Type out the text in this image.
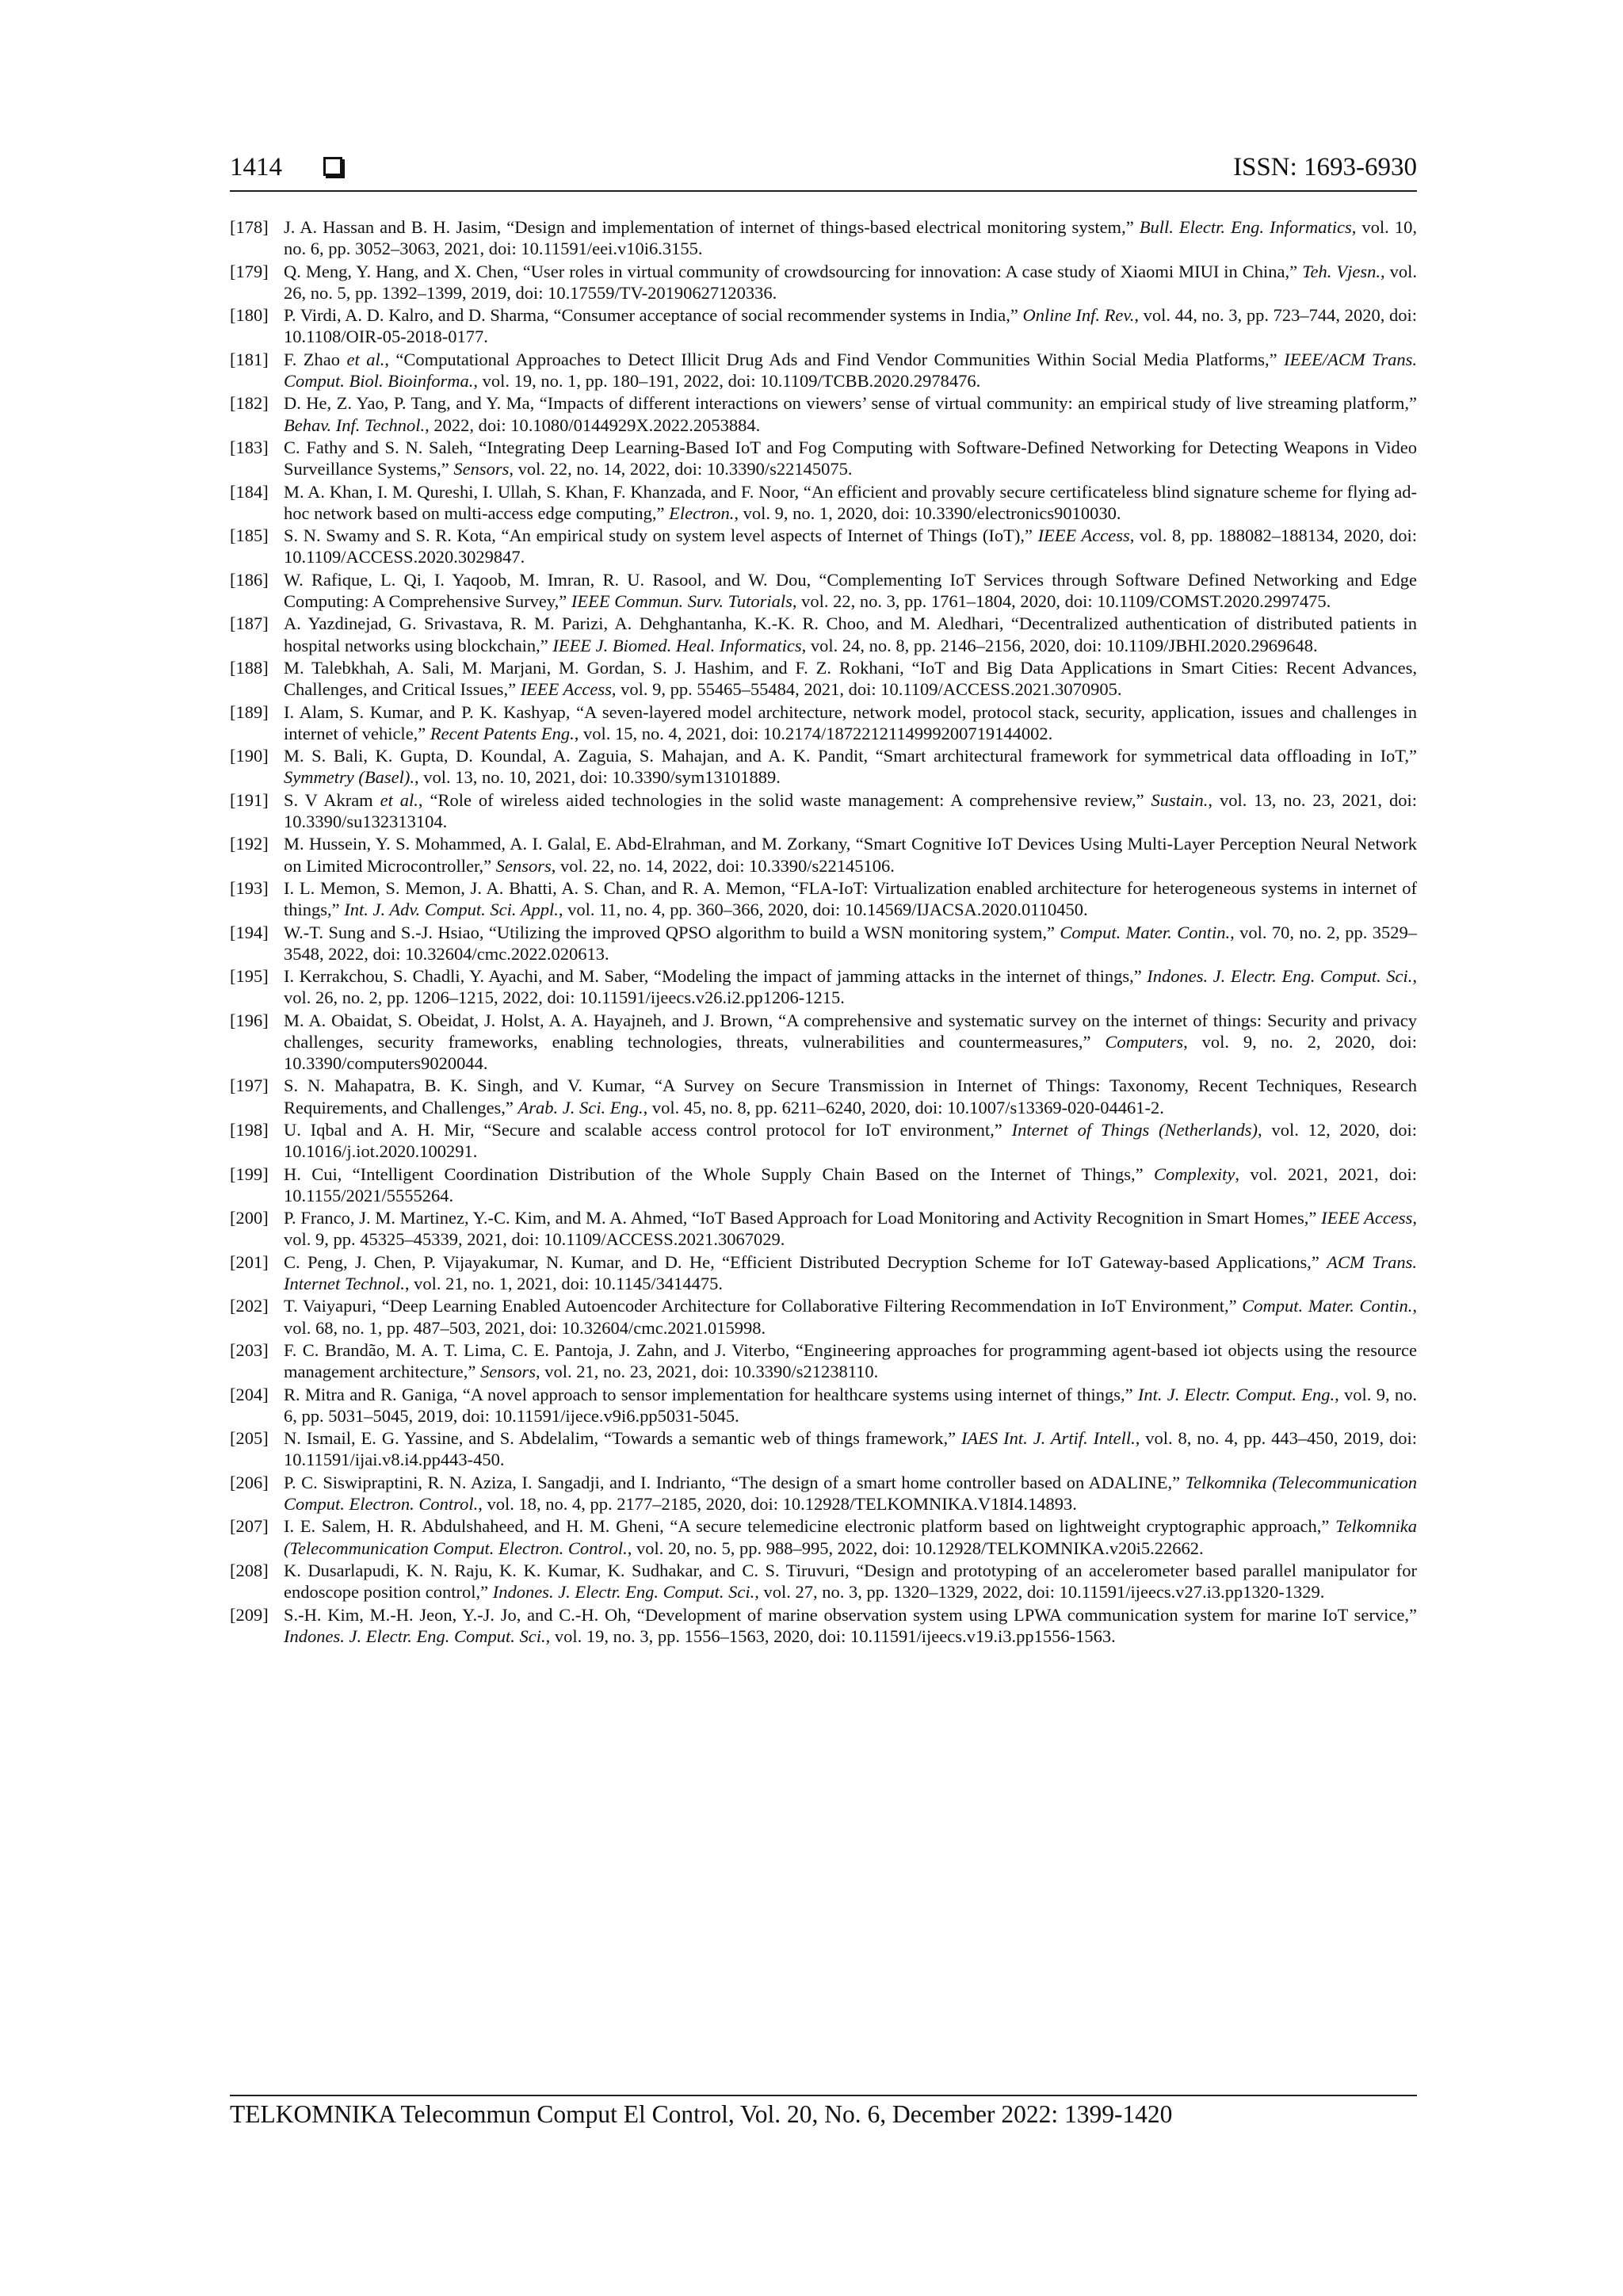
1414	ISSN: 1693-6930
[178] J. A. Hassan and B. H. Jasim, “Design and implementation of internet of things-based electrical monitoring system,” Bull. Electr. Eng. Informatics, vol. 10, no. 6, pp. 3052–3063, 2021, doi: 10.11591/eei.v10i6.3155.
[179] Q. Meng, Y. Hang, and X. Chen, “User roles in virtual community of crowdsourcing for innovation: A case study of Xiaomi MIUI in China,” Teh. Vjesn., vol. 26, no. 5, pp. 1392–1399, 2019, doi: 10.17559/TV-20190627120336.
[180] P. Virdi, A. D. Kalro, and D. Sharma, “Consumer acceptance of social recommender systems in India,” Online Inf. Rev., vol. 44, no. 3, pp. 723–744, 2020, doi: 10.1108/OIR-05-2018-0177.
[181] F. Zhao et al., “Computational Approaches to Detect Illicit Drug Ads and Find Vendor Communities Within Social Media Platforms,” IEEE/ACM Trans. Comput. Biol. Bioinforma., vol. 19, no. 1, pp. 180–191, 2022, doi: 10.1109/TCBB.2020.2978476.
[182] D. He, Z. Yao, P. Tang, and Y. Ma, “Impacts of different interactions on viewers’ sense of virtual community: an empirical study of live streaming platform,” Behav. Inf. Technol., 2022, doi: 10.1080/0144929X.2022.2053884.
[183] C. Fathy and S. N. Saleh, “Integrating Deep Learning-Based IoT and Fog Computing with Software-Defined Networking for Detecting Weapons in Video Surveillance Systems,” Sensors, vol. 22, no. 14, 2022, doi: 10.3390/s22145075.
[184] M. A. Khan, I. M. Qureshi, I. Ullah, S. Khan, F. Khanzada, and F. Noor, “An efficient and provably secure certificateless blind signature scheme for flying ad-hoc network based on multi-access edge computing,” Electron., vol. 9, no. 1, 2020, doi: 10.3390/electronics9010030.
[185] S. N. Swamy and S. R. Kota, “An empirical study on system level aspects of Internet of Things (IoT),” IEEE Access, vol. 8, pp. 188082–188134, 2020, doi: 10.1109/ACCESS.2020.3029847.
[186] W. Rafique, L. Qi, I. Yaqoob, M. Imran, R. U. Rasool, and W. Dou, “Complementing IoT Services through Software Defined Networking and Edge Computing: A Comprehensive Survey,” IEEE Commun. Surv. Tutorials, vol. 22, no. 3, pp. 1761–1804, 2020, doi: 10.1109/COMST.2020.2997475.
[187] A. Yazdinejad, G. Srivastava, R. M. Parizi, A. Dehghantanha, K.-K. R. Choo, and M. Aledhari, “Decentralized authentication of distributed patients in hospital networks using blockchain,” IEEE J. Biomed. Heal. Informatics, vol. 24, no. 8, pp. 2146–2156, 2020, doi: 10.1109/JBHI.2020.2969648.
[188] M. Talebkhah, A. Sali, M. Marjani, M. Gordan, S. J. Hashim, and F. Z. Rokhani, “IoT and Big Data Applications in Smart Cities: Recent Advances, Challenges, and Critical Issues,” IEEE Access, vol. 9, pp. 55465–55484, 2021, doi: 10.1109/ACCESS.2021.3070905.
[189] I. Alam, S. Kumar, and P. K. Kashyap, “A seven-layered model architecture, network model, protocol stack, security, application, issues and challenges in internet of vehicle,” Recent Patents Eng., vol. 15, no. 4, 2021, doi: 10.2174/1872212114999200719144002.
[190] M. S. Bali, K. Gupta, D. Koundal, A. Zaguia, S. Mahajan, and A. K. Pandit, “Smart architectural framework for symmetrical data offloading in IoT,” Symmetry (Basel)., vol. 13, no. 10, 2021, doi: 10.3390/sym13101889.
[191] S. V Akram et al., “Role of wireless aided technologies in the solid waste management: A comprehensive review,” Sustain., vol. 13, no. 23, 2021, doi: 10.3390/su132313104.
[192] M. Hussein, Y. S. Mohammed, A. I. Galal, E. Abd-Elrahman, and M. Zorkany, “Smart Cognitive IoT Devices Using Multi-Layer Perception Neural Network on Limited Microcontroller,” Sensors, vol. 22, no. 14, 2022, doi: 10.3390/s22145106.
[193] I. L. Memon, S. Memon, J. A. Bhatti, A. S. Chan, and R. A. Memon, “FLA-IoT: Virtualization enabled architecture for heterogeneous systems in internet of things,” Int. J. Adv. Comput. Sci. Appl., vol. 11, no. 4, pp. 360–366, 2020, doi: 10.14569/IJACSA.2020.0110450.
[194] W.-T. Sung and S.-J. Hsiao, “Utilizing the improved QPSO algorithm to build a WSN monitoring system,” Comput. Mater. Contin., vol. 70, no. 2, pp. 3529–3548, 2022, doi: 10.32604/cmc.2022.020613.
[195] I. Kerrakchou, S. Chadli, Y. Ayachi, and M. Saber, “Modeling the impact of jamming attacks in the internet of things,” Indones. J. Electr. Eng. Comput. Sci., vol. 26, no. 2, pp. 1206–1215, 2022, doi: 10.11591/ijeecs.v26.i2.pp1206-1215.
[196] M. A. Obaidat, S. Obeidat, J. Holst, A. A. Hayajneh, and J. Brown, “A comprehensive and systematic survey on the internet of things: Security and privacy challenges, security frameworks, enabling technologies, threats, vulnerabilities and countermeasures,” Computers, vol. 9, no. 2, 2020, doi: 10.3390/computers9020044.
[197] S. N. Mahapatra, B. K. Singh, and V. Kumar, “A Survey on Secure Transmission in Internet of Things: Taxonomy, Recent Techniques, Research Requirements, and Challenges,” Arab. J. Sci. Eng., vol. 45, no. 8, pp. 6211–6240, 2020, doi: 10.1007/s13369-020-04461-2.
[198] U. Iqbal and A. H. Mir, “Secure and scalable access control protocol for IoT environment,” Internet of Things (Netherlands), vol. 12, 2020, doi: 10.1016/j.iot.2020.100291.
[199] H. Cui, “Intelligent Coordination Distribution of the Whole Supply Chain Based on the Internet of Things,” Complexity, vol. 2021, 2021, doi: 10.1155/2021/5555264.
[200] P. Franco, J. M. Martinez, Y.-C. Kim, and M. A. Ahmed, “IoT Based Approach for Load Monitoring and Activity Recognition in Smart Homes,” IEEE Access, vol. 9, pp. 45325–45339, 2021, doi: 10.1109/ACCESS.2021.3067029.
[201] C. Peng, J. Chen, P. Vijayakumar, N. Kumar, and D. He, “Efficient Distributed Decryption Scheme for IoT Gateway-based Applications,” ACM Trans. Internet Technol., vol. 21, no. 1, 2021, doi: 10.1145/3414475.
[202] T. Vaiyapuri, “Deep Learning Enabled Autoencoder Architecture for Collaborative Filtering Recommendation in IoT Environment,” Comput. Mater. Contin., vol. 68, no. 1, pp. 487–503, 2021, doi: 10.32604/cmc.2021.015998.
[203] F. C. Brandão, M. A. T. Lima, C. E. Pantoja, J. Zahn, and J. Viterbo, “Engineering approaches for programming agent-based iot objects using the resource management architecture,” Sensors, vol. 21, no. 23, 2021, doi: 10.3390/s21238110.
[204] R. Mitra and R. Ganiga, “A novel approach to sensor implementation for healthcare systems using internet of things,” Int. J. Electr. Comput. Eng., vol. 9, no. 6, pp. 5031–5045, 2019, doi: 10.11591/ijece.v9i6.pp5031-5045.
[205] N. Ismail, E. G. Yassine, and S. Abdelalim, “Towards a semantic web of things framework,” IAES Int. J. Artif. Intell., vol. 8, no. 4, pp. 443–450, 2019, doi: 10.11591/ijai.v8.i4.pp443-450.
[206] P. C. Siswipraptini, R. N. Aziza, I. Sangadji, and I. Indrianto, “The design of a smart home controller based on ADALINE,” Telkomnika (Telecommunication Comput. Electron. Control., vol. 18, no. 4, pp. 2177–2185, 2020, doi: 10.12928/TELKOMNIKA.V18I4.14893.
[207] I. E. Salem, H. R. Abdulshaheed, and H. M. Gheni, “A secure telemedicine electronic platform based on lightweight cryptographic approach,” Telkomnika (Telecommunication Comput. Electron. Control., vol. 20, no. 5, pp. 988–995, 2022, doi: 10.12928/TELKOMNIKA.v20i5.22662.
[208] K. Dusarlapudi, K. N. Raju, K. K. Kumar, K. Sudhakar, and C. S. Tiruvuri, “Design and prototyping of an accelerometer based parallel manipulator for endoscope position control,” Indones. J. Electr. Eng. Comput. Sci., vol. 27, no. 3, pp. 1320–1329, 2022, doi: 10.11591/ijeecs.v27.i3.pp1320-1329.
[209] S.-H. Kim, M.-H. Jeon, Y.-J. Jo, and C.-H. Oh, “Development of marine observation system using LPWA communication system for marine IoT service,” Indones. J. Electr. Eng. Comput. Sci., vol. 19, no. 3, pp. 1556–1563, 2020, doi: 10.11591/ijeecs.v19.i3.pp1556-1563.
TELKOMNIKA Telecommun Comput El Control, Vol. 20, No. 6, December 2022: 1399-1420
